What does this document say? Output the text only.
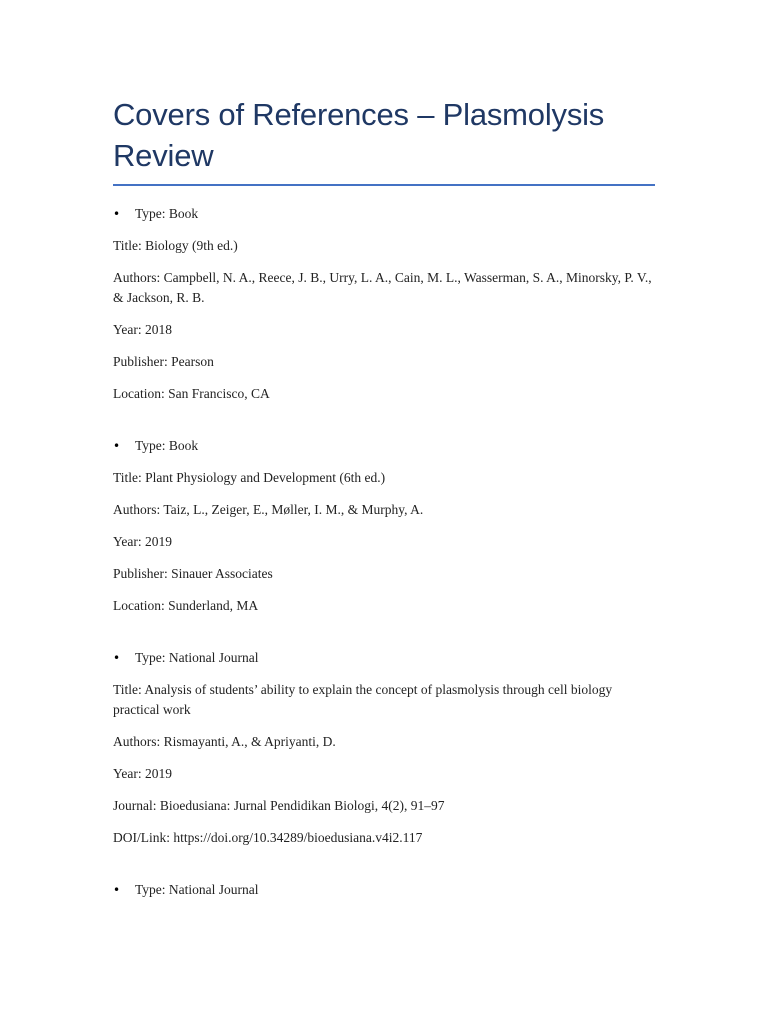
Covers of References – Plasmolysis Review

•	Type: Book

Title: Biology (9th ed.)

Authors: Campbell, N. A., Reece, J. B., Urry, L. A., Cain, M. L., Wasserman, S. A., Minorsky, P. V., & Jackson, R. B.

Year: 2018

Publisher: Pearson

Location: San Francisco, CA

•	Type: Book

Title: Plant Physiology and Development (6th ed.)

Authors: Taiz, L., Zeiger, E., Møller, I. M., & Murphy, A.

Year: 2019

Publisher: Sinauer Associates

Location: Sunderland, MA

•	Type: National Journal

Title: Analysis of students’ ability to explain the concept of plasmolysis through cell biology practical work

Authors: Rismayanti, A., & Apriyanti, D.

Year: 2019

Journal: Bioedusiana: Jurnal Pendidikan Biologi, 4(2), 91–97

DOI/Link: https://doi.org/10.34289/bioedusiana.v4i2.117

•	Type: National Journal
